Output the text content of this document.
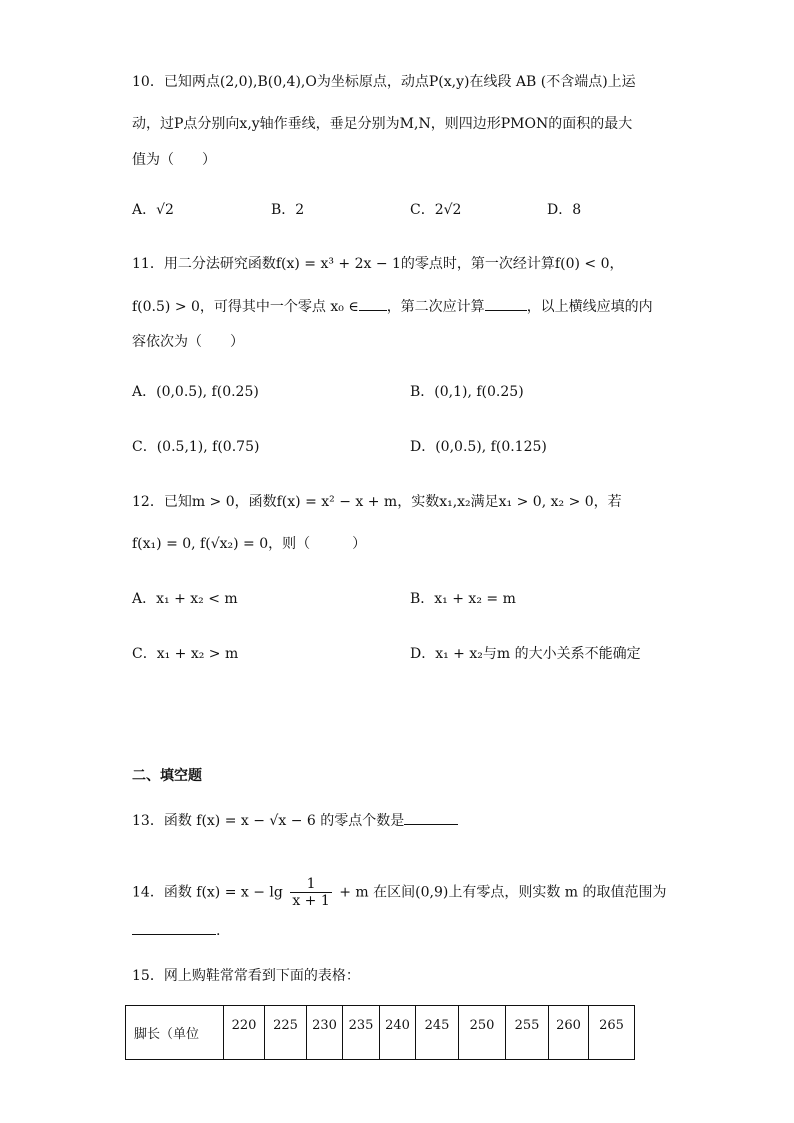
10．已知两点(2,0),B(0,4),O为坐标原点，动点P(x,y)在线段 AB (不含端点)上运
动，过P点分别向x,y轴作垂线，垂足分别为M,N，则四边形PMON的面积的最大
值为（　　）
A．√2	B．2	C．2√2	D．8
11．用二分法研究函数f(x) = x³ + 2x − 1的零点时，第一次经计算f(0) < 0，
f(0.5) > 0，可得其中一个零点 x₀ ∈ ，第二次应计算	，以上横线应填的内
容依次为（　　）
A．(0,0.5), f(0.25)	B．(0,1), f(0.25)
C．(0.5,1), f(0.75)	D．(0,0.5), f(0.125)
12．已知m > 0，函数f(x) = x² − x + m，实数x₁,x₂满足x₁ > 0, x₂ > 0，若
f(x₁) = 0, f(√x₂) = 0，则（　　　）
A．x₁ + x₂ < m	B．x₁ + x₂ = m
C．x₁ + x₂ > m	D．x₁ + x₂与m 的大小关系不能确定
二、填空题
13．函数 f(x) = x − √x − 6 的零点个数是
14．函数 $f(x) = x - \lg \frac{1}{x + 1} + m$ 在区间(0,9)上有零点，则实数 m 的取值范围为
.
15．网上购鞋常常看到下面的表格：
脚长（单位	220	225	230	235	240	245	250	255	260	265
